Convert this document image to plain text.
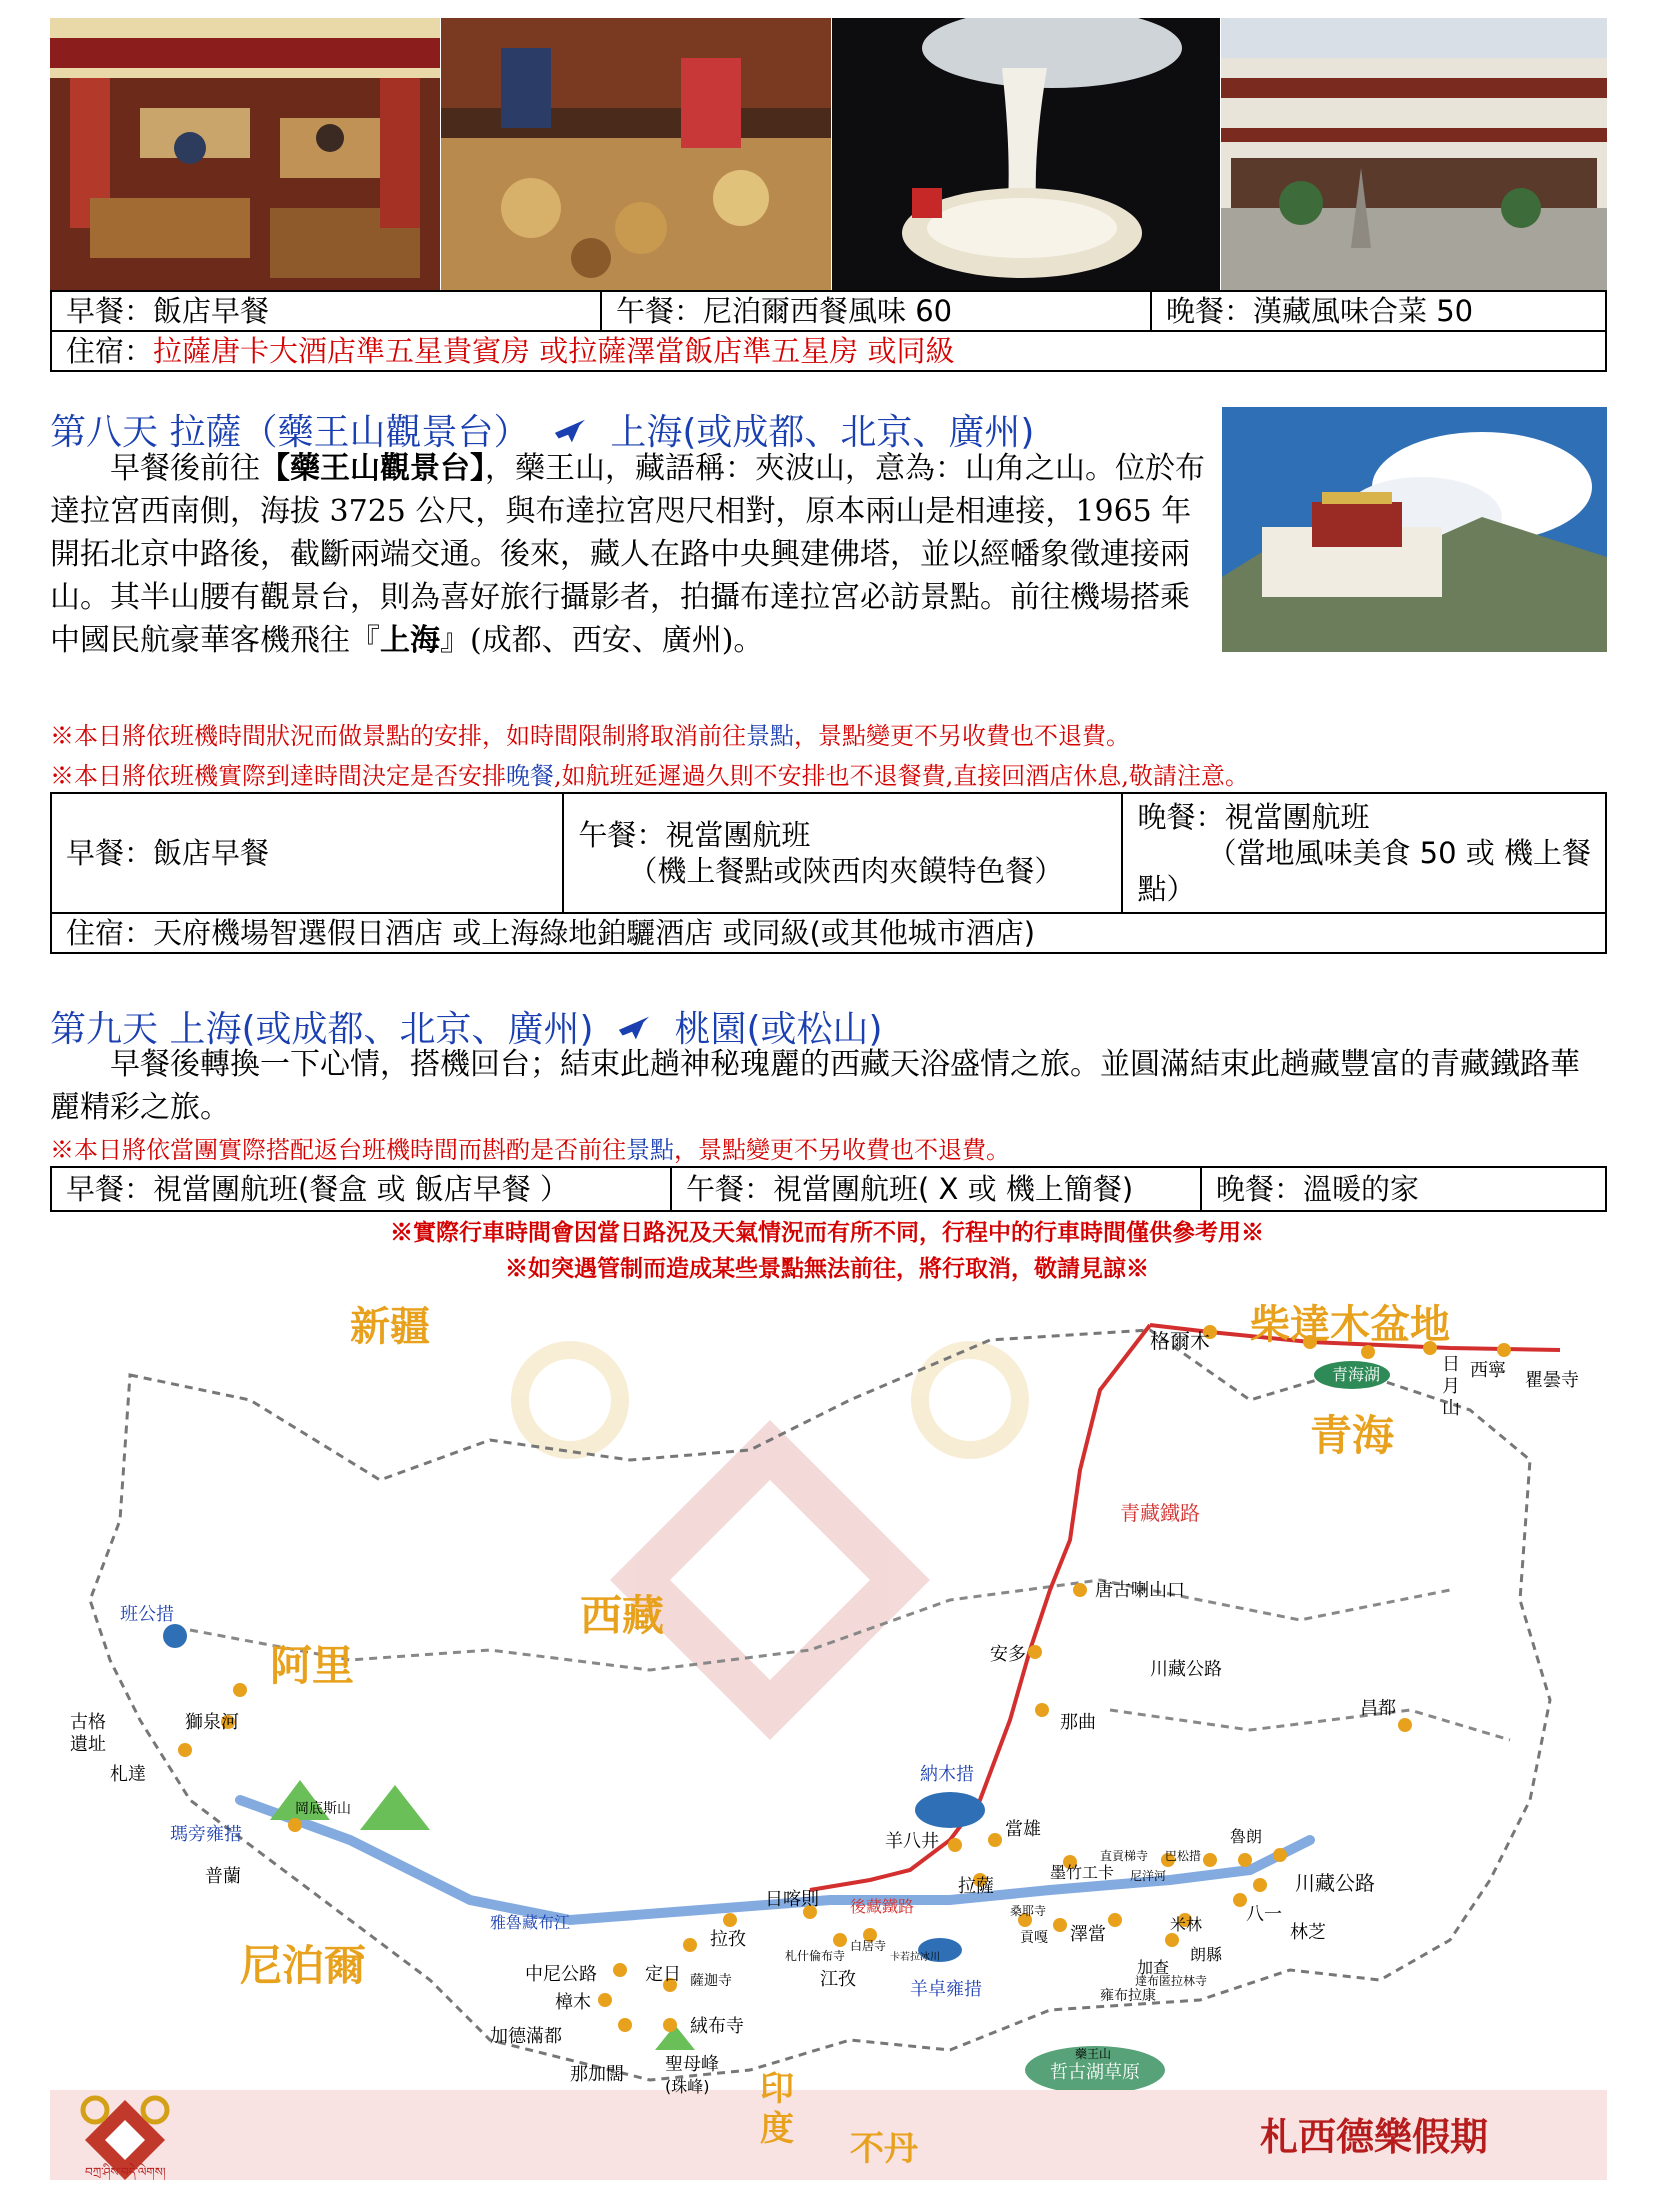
早餐：飯店早餐	午餐：尼泊爾西餐風味 60	晚餐：漢藏風味合菜 50
住宿：拉薩唐卡大酒店準五星貴賓房 或拉薩澤當飯店準五星房 或同級
第八天 拉薩（藥王山觀景台） 上海(或成都、北京、廣州)
早餐後前往【藥王山觀景台】，藥王山，藏語稱：夾波山，意為：山角之山。位於布達拉宮西南側，海拔 3725 公尺，與布達拉宮咫尺相對，原本兩山是相連接，1965 年開拓北京中路後，截斷兩端交通。後來，藏人在路中央興建佛塔，並以經幡象徵連接兩山。其半山腰有觀景台，則為喜好旅行攝影者，拍攝布達拉宮必訪景點。前往機場搭乘中國民航豪華客機飛往『上海』(成都、西安、廣州)。
※本日將依班機時間狀況而做景點的安排，如時間限制將取消前往景點，景點變更不另收費也不退費。
※本日將依班機實際到達時間決定是否安排晚餐,如航班延遲過久則不安排也不退餐費,直接回酒店休息,敬請注意。
早餐：飯店早餐	
午餐：視當團航班
（機上餐點或陝西肉夾饃特色餐）

晚餐：視當團航班
（當地風味美食 50 或 機上餐
點）

住宿：天府機場智選假日酒店 或上海綠地鉑驪酒店 或同級(或其他城市酒店)
第九天 上海(或成都、北京、廣州) 桃園(或松山)
早餐後轉換一下心情，搭機回台；結束此趟神秘瑰麗的西藏天浴盛情之旅。並圓滿結束此趟藏豐富的青藏鐵路華麗精彩之旅。
※本日將依當團實際搭配返台班機時間而斟酌是否前往景點，景點變更不另收費也不退費。
早餐：視當團航班(餐盒 或 飯店早餐 ）	午餐：視當團航班( X 或 機上簡餐)	晚餐：溫暖的家
※實際行車時間會因當日路況及天氣情況而有所不同，行程中的行車時間僅供參考用※
※如突遇管制而造成某些景點無法前往，將行取消，敬請見諒※
新疆	柴達木盆地
青海
西藏
阿里
尼泊爾
印
度 不丹
格爾木
青海湖	日
月
山
西寧 瞿曇寺
青藏鐵路
班公措
獅泉河
古格
遺址
札達
岡底斯山
瑪旁雍措
普蘭
唐古喇山口
安多
川藏公路
那曲
昌都
納木措
羊八井
當雄
拉薩
墨竹工卡
直貢梯寺 巴松措
尼洋河
魯朗
林芝
八一
川藏公路
米林
朗縣
加查
澤當
貢嘎
桑耶寺
日喀則 後藏鐵路
拉孜
雅魯藏布江
定日 薩迦寺
札什倫布寺
白居寺
江孜
卡若拉冰川
羊卓雍措	雍布拉康
達布匿拉林寺
中尼公路
樟木
絨布寺
加德滿都
聖母峰
(珠峰)
藥王山
哲古湖草原
那加闊
札西德樂假期
བཀྲ་ཤིས་བདེ་ལེགས།
